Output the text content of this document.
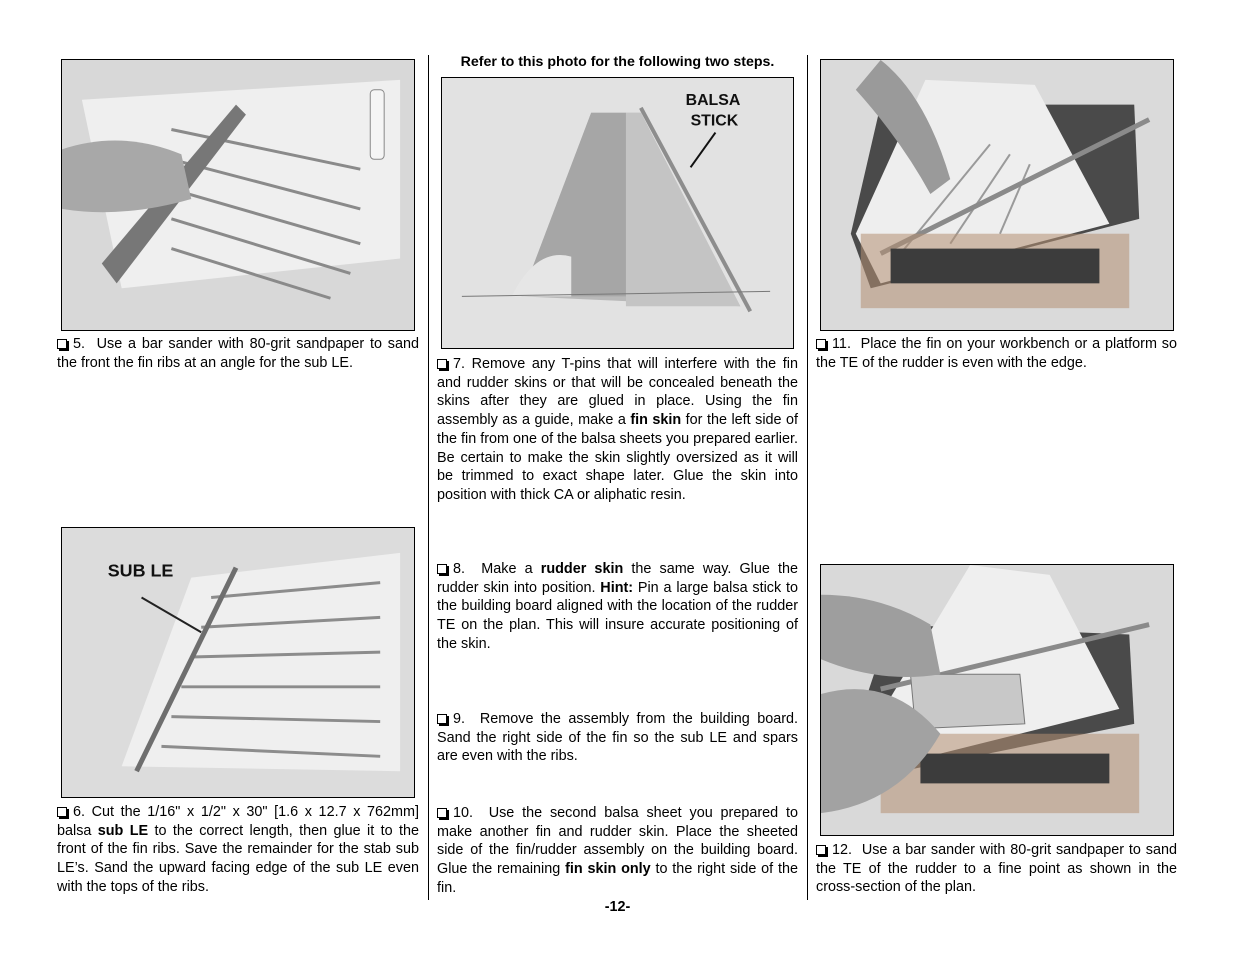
5. Use a bar sander with 80-grit sandpaper to sand the front the fin ribs at an angle for the sub LE.

SUB LE

6. Cut the 1/16" x 1/2" x 30" [1.6 x 12.7 x 762mm] balsa sub LE to the correct length, then glue it to the front of the fin ribs. Save the remainder for the stab sub LE’s. Sand the upward facing edge of the sub LE even with the tops of the ribs.

Refer to this photo for the following two steps.
BALSA
STICK

7. Remove any T-pins that will interfere with the fin and rudder skins or that will be concealed beneath the skins after they are glued in place. Using the fin assembly as a guide, make a fin skin for the left side of the fin from one of the balsa sheets you prepared earlier. Be certain to make the skin slightly oversized as it will be trimmed to exact shape later. Glue the skin into position with thick CA or aliphatic resin.

8. Make a rudder skin the same way. Glue the rudder skin into position. Hint: Pin a large balsa stick to the building board aligned with the location of the rudder TE on the plan. This will insure accurate positioning of the skin.

9. Remove the assembly from the building board. Sand the right side of the fin so the sub LE and spars are even with the ribs.

10. Use the second balsa sheet you prepared to make another fin and rudder skin. Place the sheeted side of the fin/rudder assembly on the building board. Glue the remaining fin skin only to the right side of the fin.

11. Place the fin on your workbench or a platform so the TE of the rudder is even with the edge.

12. Use a bar sander with 80-grit sandpaper to sand the TE of the rudder to a fine point as shown in the cross-section of the plan.

-12-
